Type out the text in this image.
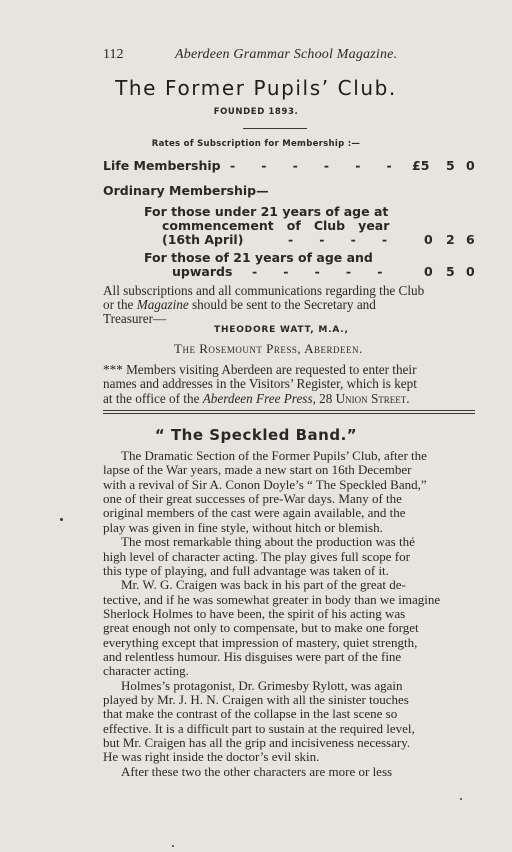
112	Aberdeen Grammar School Magazine.
The Former Pupils’ Club.
FOUNDED 1893.
Rates of Subscription for Membership :—
Life Membership -      -      -      -      -      - £5 5 0
Ordinary Membership—
For those under 21 years of age at
commencement   of   Club   year
(16th April)	-      -      -      -	0 2 6
For those of 21 years of age and
upwards -      -      -      -      -	0 5 0
All subscriptions and all communications regarding the Club
or the Magazine should be sent to the Secretary and
Treasurer—
THEODORE WATT, M.A.,
The Rosemount Press, Aberdeen.
*** Members visiting Aberdeen are requested to enter their
names and addresses in the Visitors’ Register, which is kept
at the office of the Aberdeen Free Press, 28 Union Street.
“ The Speckled Band.”
The Dramatic Section of the Former Pupils’ Club, after the
lapse of the War years, made a new start on 16th December
with a revival of Sir A. Conon Doyle’s “ The Speckled Band,”
one of their great successes of pre-War days. Many of the
original members of the cast were again available, and the
play was given in fine style, without hitch or blemish.
The most remarkable thing about the production was thé
high level of character acting. The play gives full scope for
this type of playing, and full advantage was taken of it.
Mr. W. G. Craigen was back in his part of the great de-
tective, and if he was somewhat greater in body than we imagine
Sherlock Holmes to have been, the spirit of his acting was
great enough not only to compensate, but to make one forget
everything except that impression of mastery, quiet strength,
and relentless humour. His disguises were part of the fine
character acting.
Holmes’s protagonist, Dr. Grimesby Rylott, was again
played by Mr. J. H. N. Craigen with all the sinister touches
that make the contrast of the collapse in the last scene so
effective. It is a difficult part to sustain at the required level,
but Mr. Craigen has all the grip and incisiveness necessary.
He was right inside the doctor’s evil skin.
After these two the other characters are more or less
